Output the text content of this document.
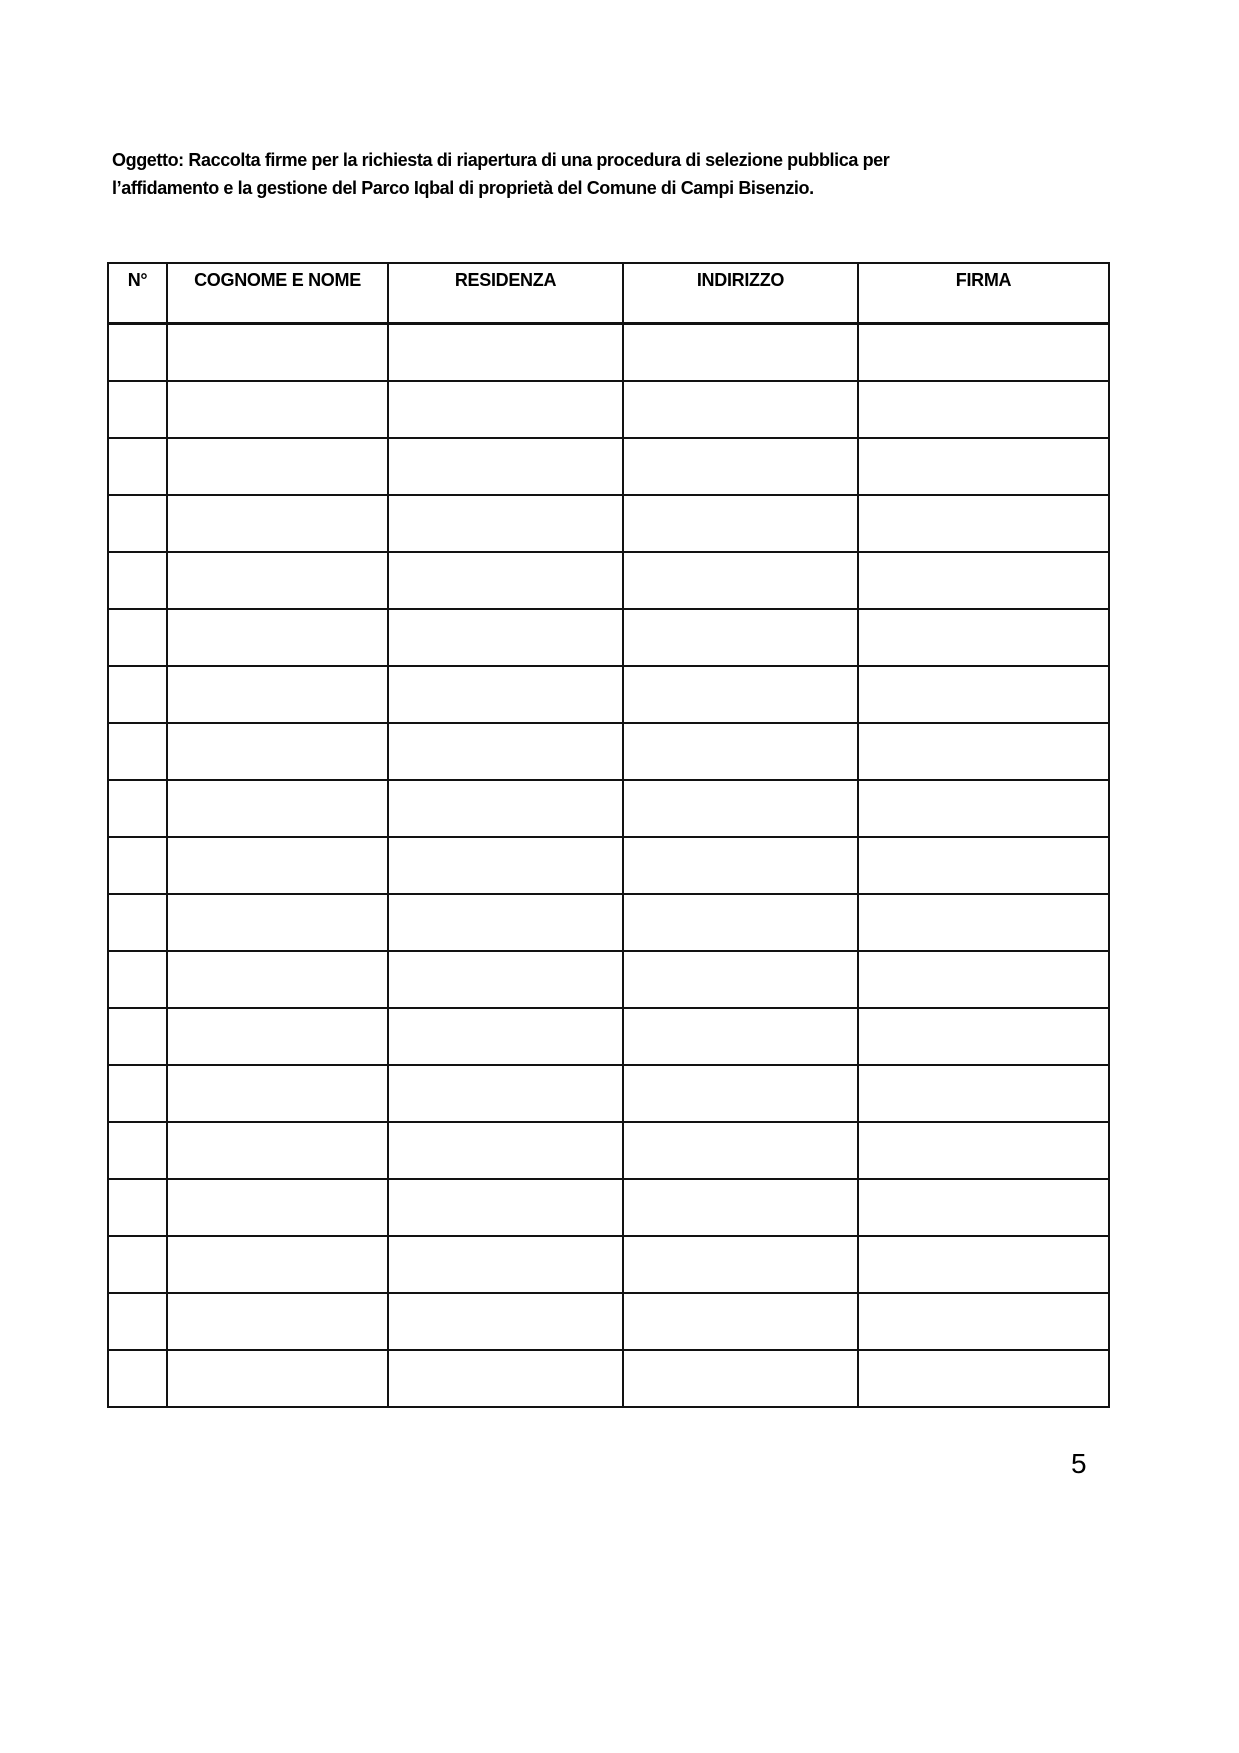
Oggetto: Raccolta firme per la richiesta di riapertura di una procedura di selezione pubblica per
l’affidamento e la gestione del Parco Iqbal di proprietà del Comune di Campi Bisenzio.
N°	COGNOME E NOME	RESIDENZA	INDIRIZZO	FIRMA

5
